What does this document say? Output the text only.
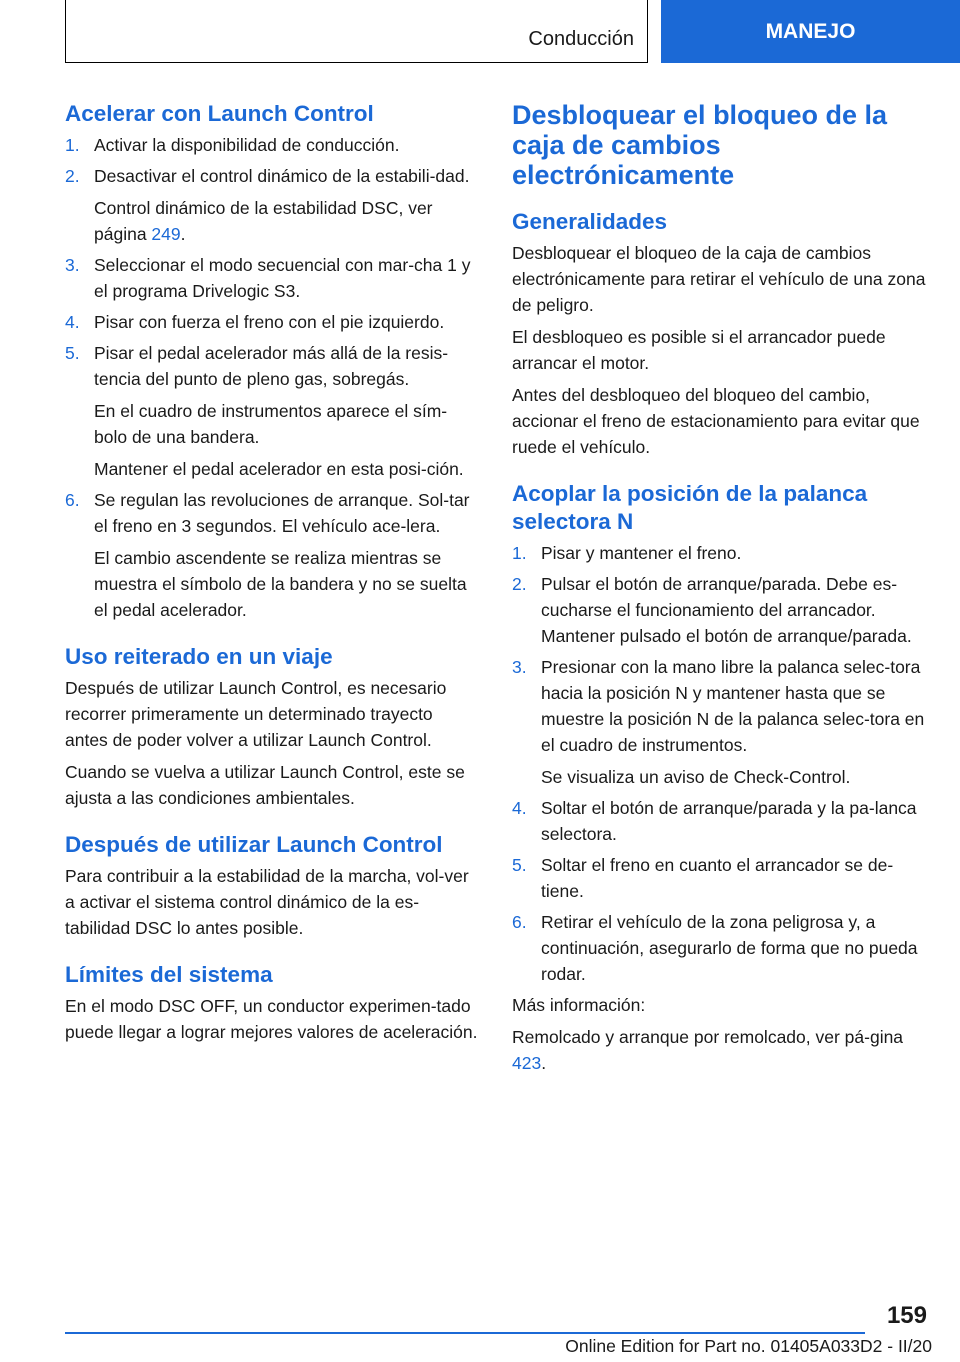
Conducción	MANEJO
Acelerar con Launch Control
1. Activar la disponibilidad de conducción.
2. Desactivar el control dinámico de la estabili-dad.
Control dinámico de la estabilidad DSC, ver página 249.
3. Seleccionar el modo secuencial con mar-cha 1 y el programa Drivelogic S3.
4. Pisar con fuerza el freno con el pie izquierdo.
5. Pisar el pedal acelerador más allá de la resis-tencia del punto de pleno gas, sobregás.
En el cuadro de instrumentos aparece el sím-bolo de una bandera.
Mantener el pedal acelerador en esta posi-ción.
6. Se regulan las revoluciones de arranque. Sol-tar el freno en 3 segundos. El vehículo ace-lera.
El cambio ascendente se realiza mientras se muestra el símbolo de la bandera y no se suelta el pedal acelerador.
Uso reiterado en un viaje

Después de utilizar Launch Control, es necesario recorrer primeramente un determinado trayecto antes de poder volver a utilizar Launch Control.

Cuando se vuelva a utilizar Launch Control, este se ajusta a las condiciones ambientales.

Después de utilizar Launch Control

Para contribuir a la estabilidad de la marcha, vol-ver a activar el sistema control dinámico de la es-tabilidad DSC lo antes posible.

Límites del sistema

En el modo DSC OFF, un conductor experimen-tado puede llegar a lograr mejores valores de aceleración.

Desbloquear el bloqueo de la caja de cambios electrónicamente
Generalidades

Desbloquear el bloqueo de la caja de cambios electrónicamente para retirar el vehículo de una zona de peligro.

El desbloqueo es posible si el arrancador puede arrancar el motor.

Antes del desbloqueo del bloqueo del cambio, accionar el freno de estacionamiento para evitar que ruede el vehículo.

Acoplar la posición de la palanca selectora N
1. Pisar y mantener el freno.
2. Pulsar el botón de arranque/parada. Debe es-cucharse el funcionamiento del arrancador. Mantener pulsado el botón de arranque/parada.
3. Presionar con la mano libre la palanca selec-tora hacia la posición N y mantener hasta que se muestre la posición N de la palanca selec-tora en el cuadro de instrumentos.
Se visualiza un aviso de Check-Control.
4. Soltar el botón de arranque/parada y la pa-lanca selectora.
5. Soltar el freno en cuanto el arrancador se de-tiene.
6. Retirar el vehículo de la zona peligrosa y, a continuación, asegurarlo de forma que no pueda rodar.

Más información:

Remolcado y arranque por remolcado, ver pá-gina 423.

159
Online Edition for Part no. 01405A033D2 - II/20
